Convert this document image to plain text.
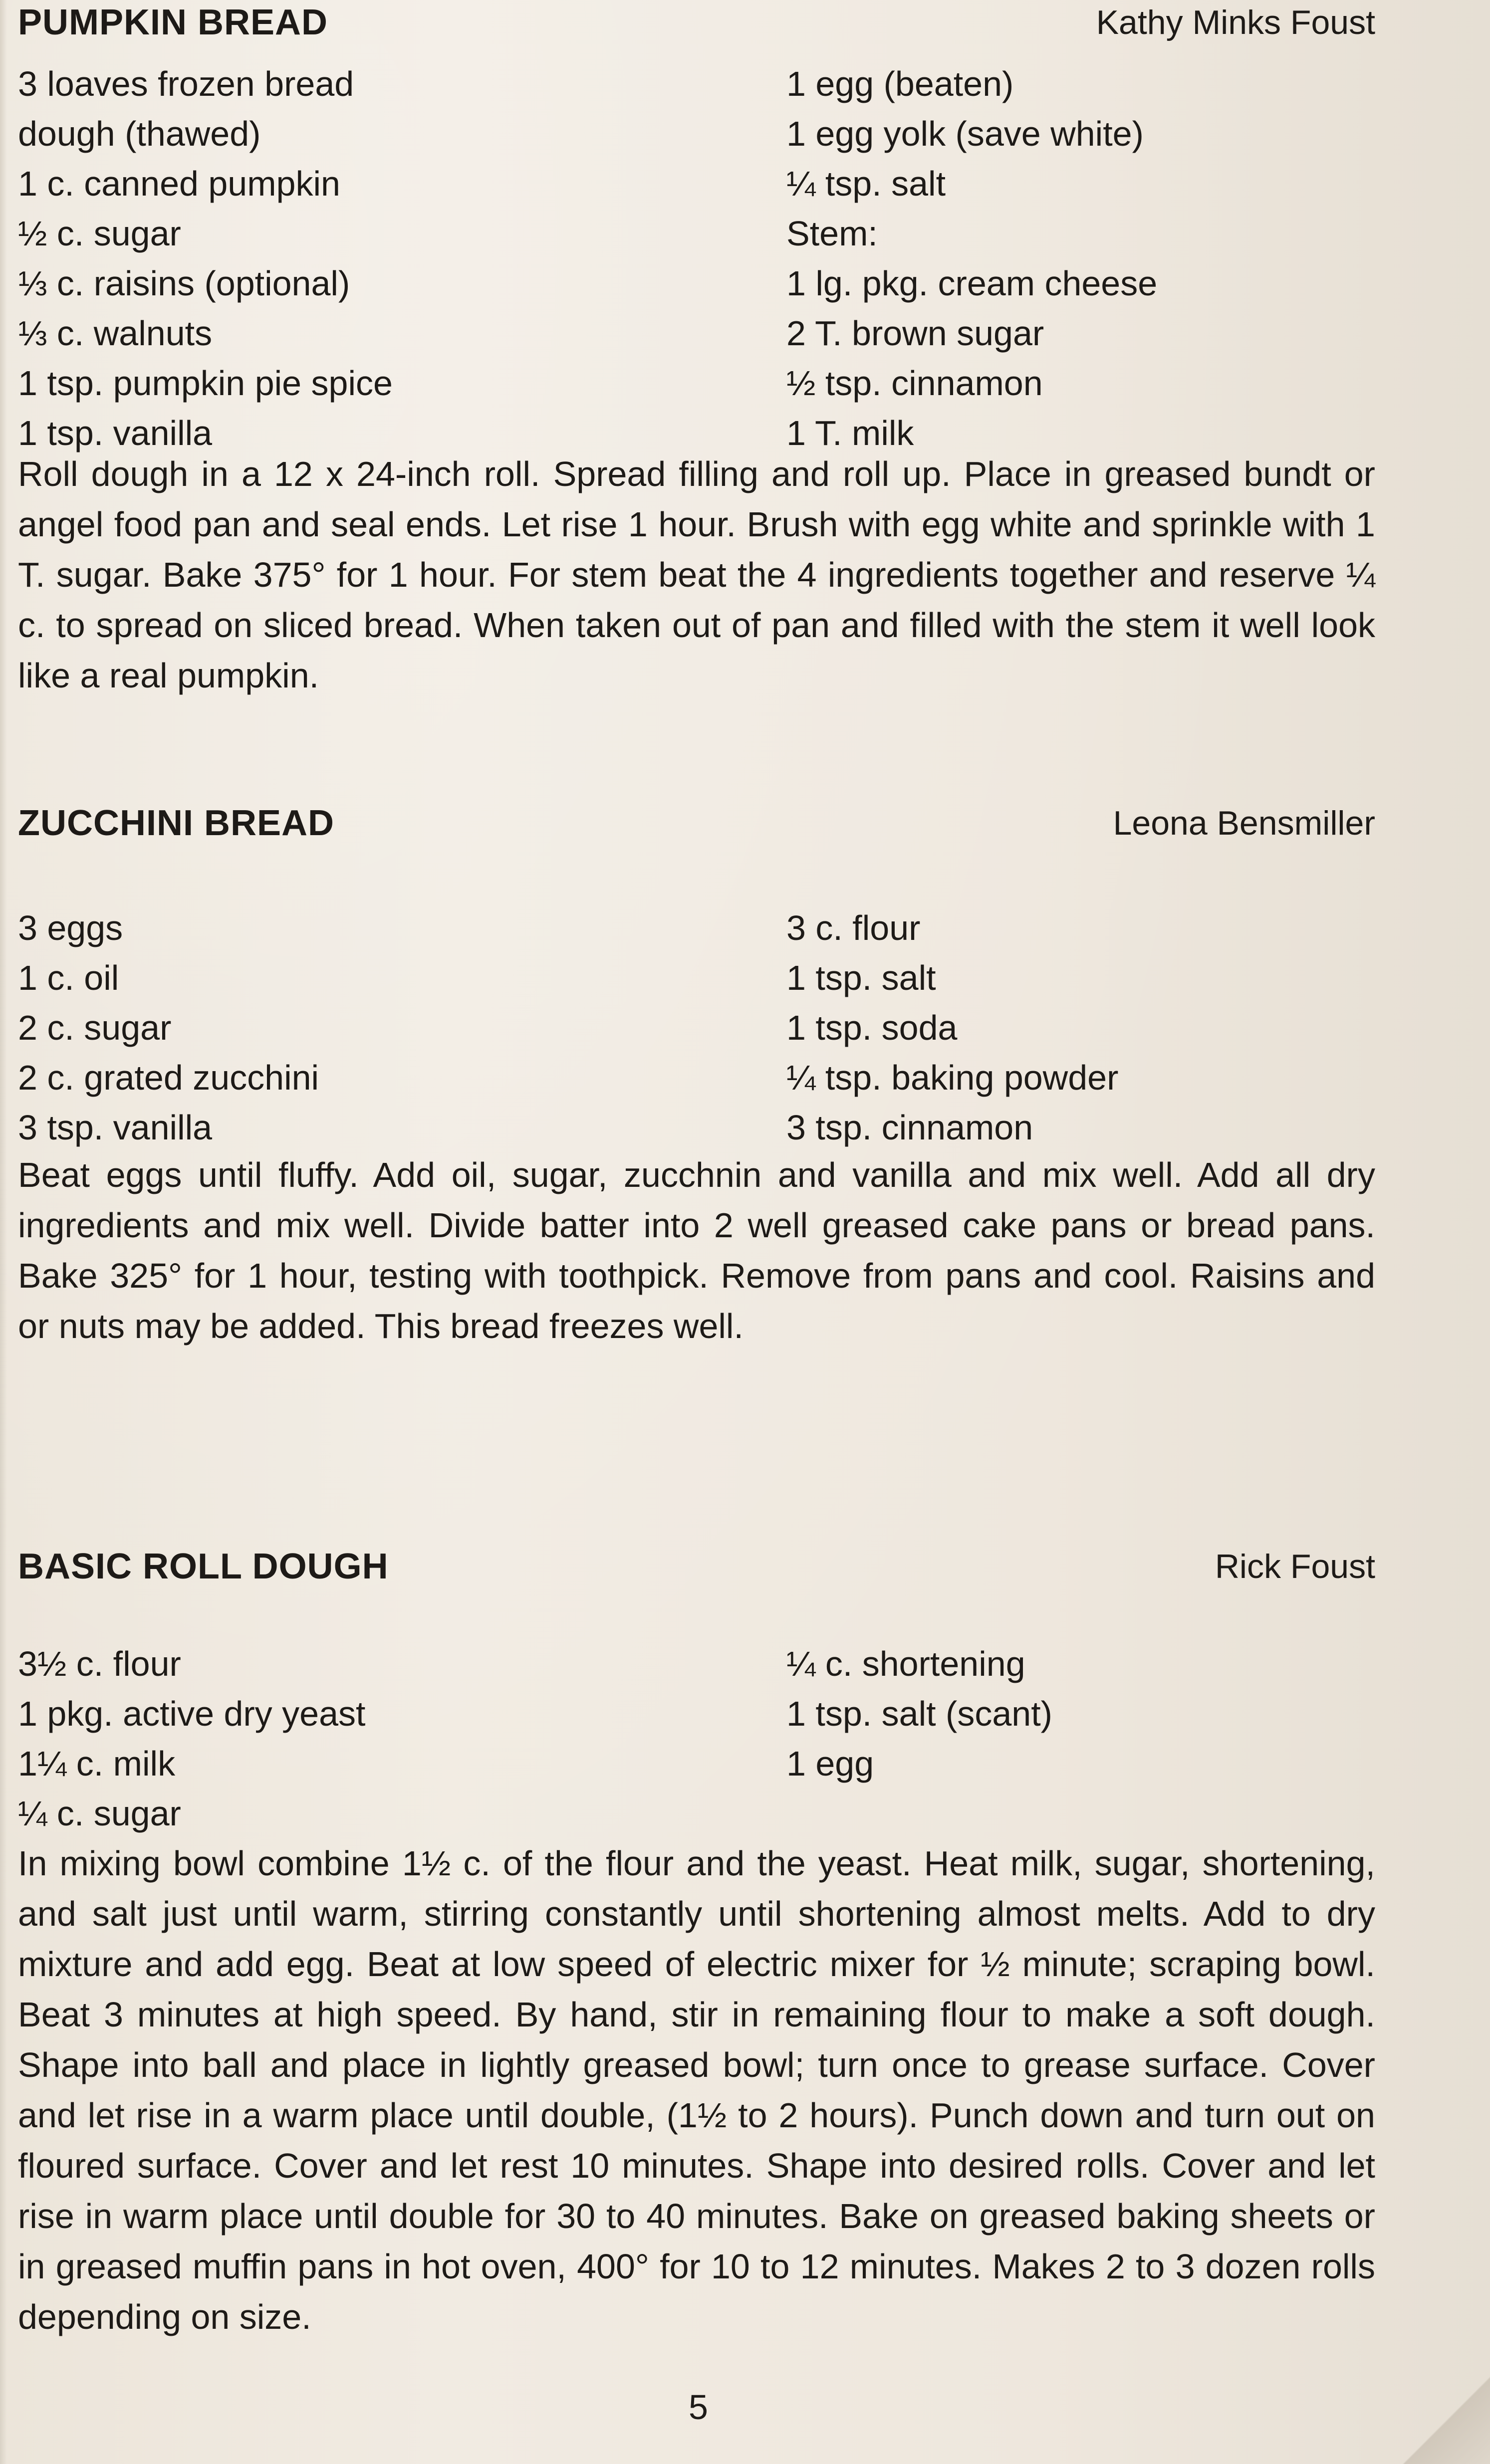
PUMPKIN BREAD	Kathy Minks Foust
3 loaves frozen bread
dough (thawed)
1 c. canned pumpkin
½ c. sugar
⅓ c. raisins (optional)
⅓ c. walnuts
1 tsp. pumpkin pie spice
1 tsp. vanilla
1 egg (beaten)
1 egg yolk (save white)
¼ tsp. salt
Stem:
1 lg. pkg. cream cheese
2 T. brown sugar
½ tsp. cinnamon
1 T. milk

Roll dough in a 12 x 24-inch roll. Spread filling and roll up. Place in greased bundt or angel food pan and seal ends. Let rise 1 hour. Brush with egg white and sprinkle with 1 T. sugar. Bake 375° for 1 hour. For stem beat the 4 ingredients together and reserve ¼ c. to spread on sliced bread. When taken out of pan and filled with the stem it well look like a real pumpkin.

ZUCCHINI BREAD	Leona Bensmiller
3 eggs
1 c. oil
2 c. sugar
2 c. grated zucchini
3 tsp. vanilla
3 c. flour
1 tsp. salt
1 tsp. soda
¼ tsp. baking powder
3 tsp. cinnamon

Beat eggs until fluffy. Add oil, sugar, zucchnin and vanilla and mix well. Add all dry ingredients and mix well. Divide batter into 2 well greased cake pans or bread pans. Bake 325° for 1 hour, testing with toothpick. Remove from pans and cool. Raisins and or nuts may be added. This bread freezes well.

BASIC ROLL DOUGH	Rick Foust
3½ c. flour
1 pkg. active dry yeast
1¼ c. milk
¼ c. sugar
¼ c. shortening
1 tsp. salt (scant)
1 egg

In mixing bowl combine 1½ c. of the flour and the yeast. Heat milk, sugar, shortening, and salt just until warm, stirring constantly until shortening almost melts. Add to dry mixture and add egg. Beat at low speed of electric mixer for ½ minute; scraping bowl. Beat 3 minutes at high speed. By hand, stir in remaining flour to make a soft dough. Shape into ball and place in lightly greased bowl; turn once to grease surface. Cover and let rise in a warm place until double, (1½ to 2 hours). Punch down and turn out on floured surface. Cover and let rest 10 minutes. Shape into desired rolls. Cover and let rise in warm place until double for 30 to 40 minutes. Bake on greased baking sheets or in greased muffin pans in hot oven, 400° for 10 to 12 minutes. Makes 2 to 3 dozen rolls depending on size.

5
